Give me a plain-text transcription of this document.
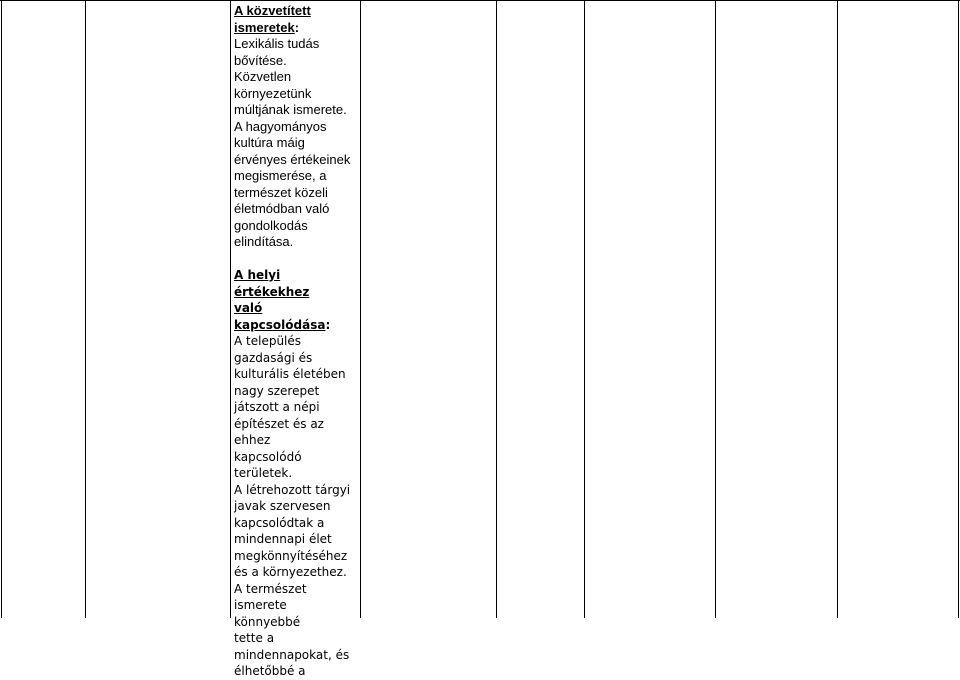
A közvetített

ismeretek:

Lexikális tudás

bővítése.

Közvetlen

környezetünk

múltjának ismerete.

A hagyományos

kultúra máig

érvényes értékeinek

megismerése, a

természet közeli

életmódban való

gondolkodás

elindítása.

A helyi értékekhez

való kapcsolódása:

A település

gazdasági és

kulturális életében

nagy szerepet

játszott a népi

építészet és az ehhez

kapcsolódó

területek.

A létrehozott tárgyi

javak szervesen

kapcsolódtak a

mindennapi élet

megkönnyítéséhez

és a környezethez.

A természet

ismerete könnyebbé

tette a

mindennapokat, és

élhetőbbé a
